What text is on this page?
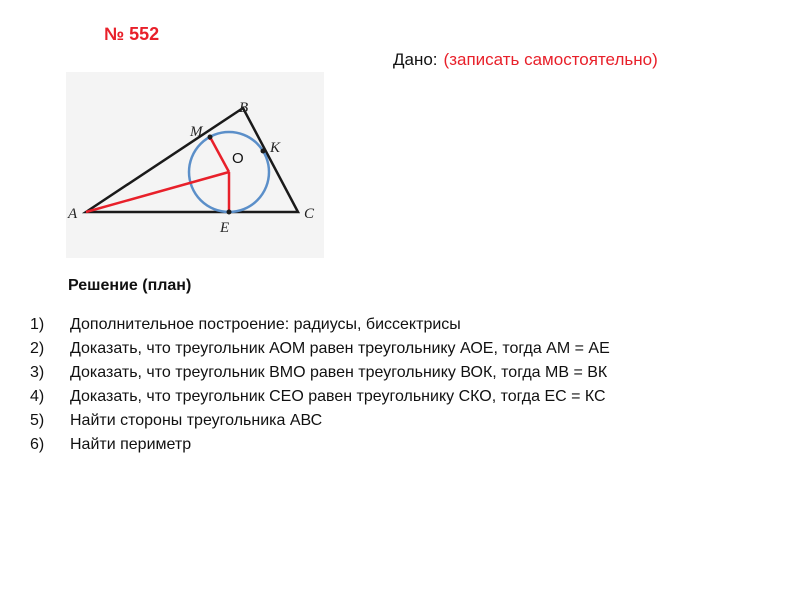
№ 552
Дано: (записать самостоятельно)
A
B
C
M
K
E
O
Решение (план)
1) Дополнительное построение: радиусы, биссектрисы
2) Доказать, что треугольник АОМ равен треугольнику АОЕ, тогда АМ = АЕ
3) Доказать, что треугольник ВМО равен треугольнику ВОК, тогда МВ = ВК
4) Доказать, что треугольник СЕО равен треугольнику СКО, тогда ЕС = КС
5) Найти стороны треугольника АВС
6) Найти периметр
